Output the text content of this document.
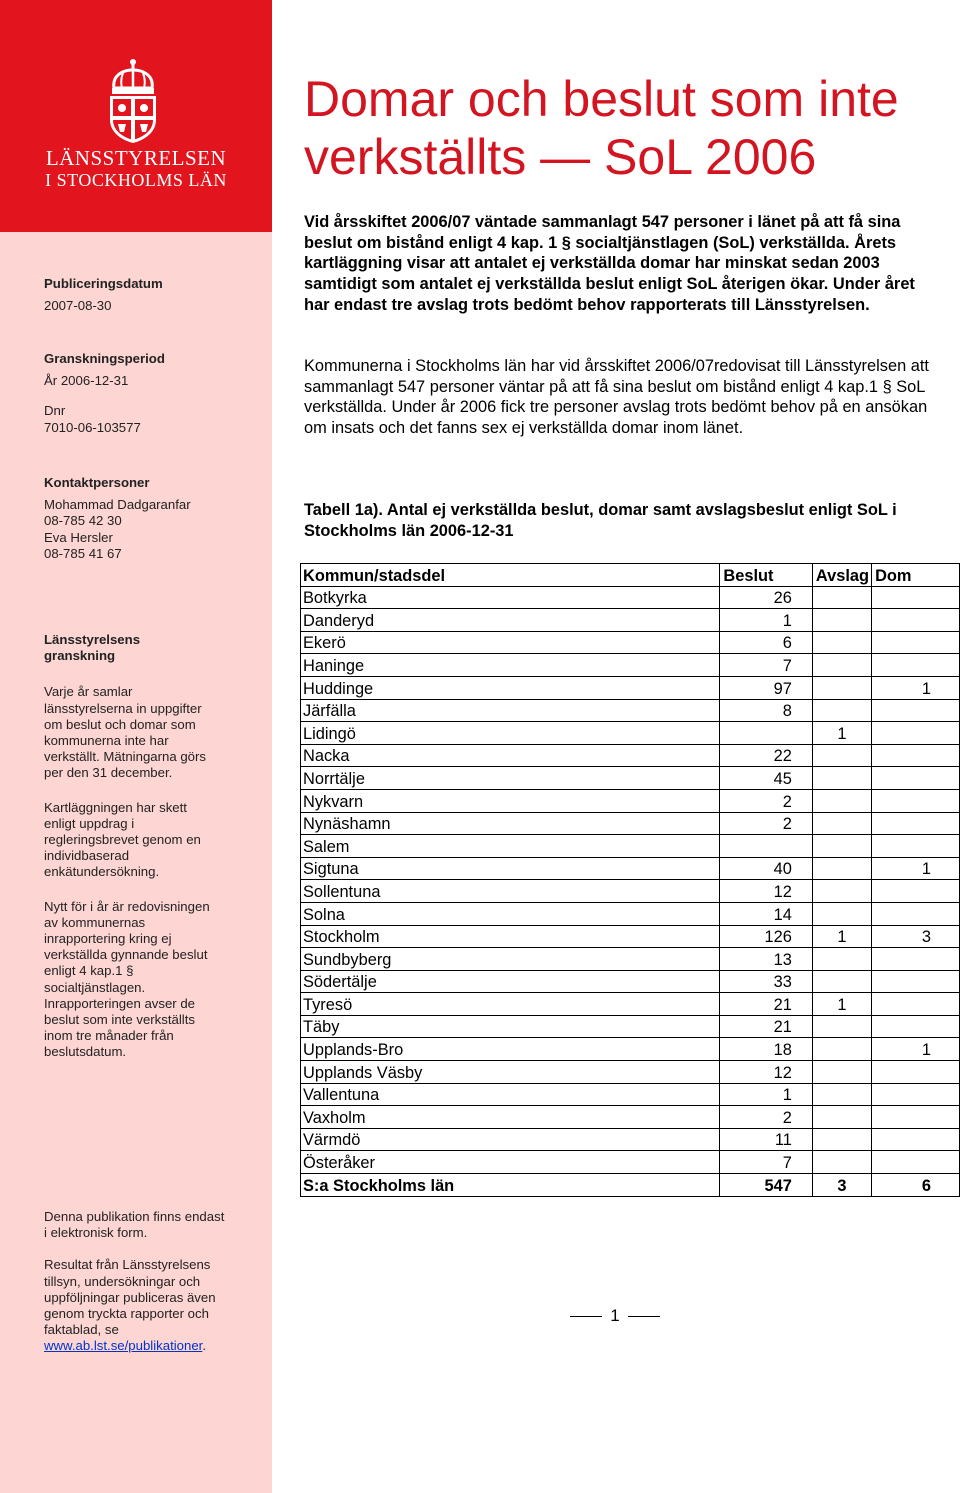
LÄNSSTYRELSEN
I STOCKHOLMS LÄN
Publiceringsdatum
2007-08-30
Granskningsperiod
År 2006-12-31
Dnr
7010-06-103577
Kontaktpersoner
Mohammad Dadgaranfar
08-785 42 30
Eva Hersler
08-785 41 67
Länsstyrelsens granskning
Varje år samlar länsstyrelserna in uppgifter om beslut och domar som kommunerna inte har verkställt. Mätningarna görs per den 31 december.
Kartläggningen har skett enligt uppdrag i regleringsbrevet genom en individbaserad enkätundersökning.
Nytt för i år är redovisningen av kommunernas inrapportering kring ej verkställda gynnande beslut enligt 4 kap.1 § socialtjänstlagen. Inrapporteringen avser de beslut som inte verkställts inom tre månader från beslutsdatum.
Denna publikation finns endast i elektronisk form.
Resultat från Länsstyrelsens tillsyn, undersökningar och uppföljningar publiceras även genom tryckta rapporter och faktablad, se www.ab.lst.se/publikationer.
Domar och beslut som inte
verkställts — SoL 2006

Vid årsskiftet 2006/07 väntade sammanlagt 547 personer i länet på att få sina beslut om bistånd enligt 4 kap. 1 § socialtjänstlagen (SoL) verkställda. Årets kartläggning visar att antalet ej verkställda domar har minskat sedan 2003 samtidigt som antalet ej verkställda beslut enligt SoL återigen ökar. Under året har endast tre avslag trots bedömt behov rapporterats till Länsstyrelsen.

Kommunerna i Stockholms län har vid årsskiftet 2006/07redovisat till Länsstyrelsen att sammanlagt 547 personer väntar på att få sina beslut om bistånd enligt 4 kap.1 § SoL verkställda. Under år 2006 fick tre personer avslag trots bedömt behov på en ansökan om insats och det fanns sex ej verkställda domar inom länet.

Tabell 1a). Antal ej verkställda beslut, domar samt avslagsbeslut enligt SoL i Stockholms län 2006-12-31

Kommun/stadsdel	Beslut	Avslag	Dom
Botkyrka	26		
Danderyd	1		
Ekerö	6		
Haninge	7		
Huddinge	97		1
Järfälla	8		
Lidingö		1	
Nacka	22		
Norrtälje	45		
Nykvarn	2		
Nynäshamn	2		
Salem			
Sigtuna	40		1
Sollentuna	12		
Solna	14		
Stockholm	126	1	3
Sundbyberg	13		
Södertälje	33		
Tyresö	21	1	
Täby	21		
Upplands-Bro	18		1
Upplands Väsby	12		
Vallentuna	1		
Vaxholm	2		
Värmdö	11		
Österåker	7		
S:a Stockholms län	547	3	6
1
